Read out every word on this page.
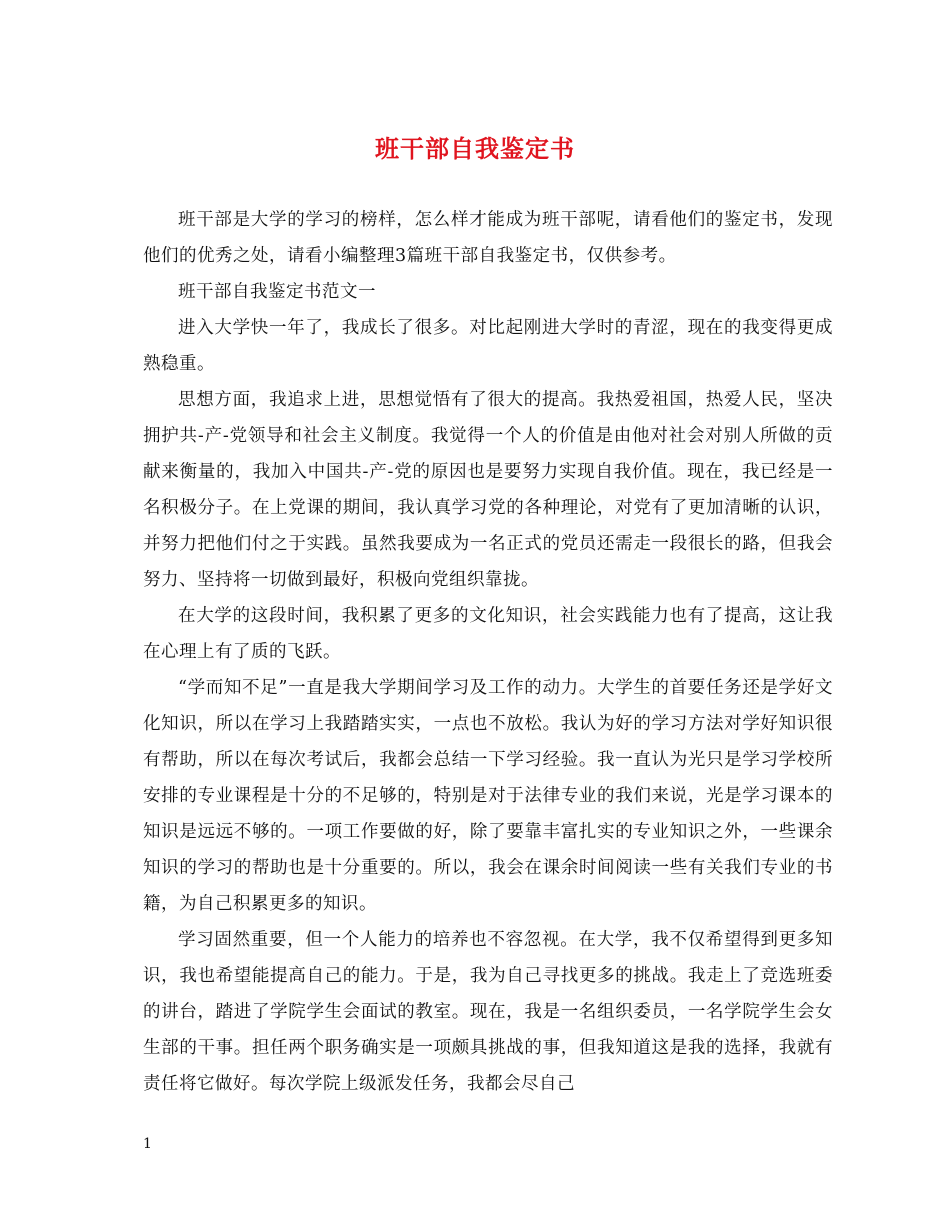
班干部自我鉴定书

班干部是大学的学习的榜样，怎么样才能成为班干部呢，请看他们的鉴定书，发现他们的优秀之处，请看小编整理3篇班干部自我鉴定书，仅供参考。

班干部自我鉴定书范文一

进入大学快一年了，我成长了很多。对比起刚进大学时的青涩，现在的我变得更成熟稳重。

思想方面，我追求上进，思想觉悟有了很大的提高。我热爱祖国，热爱人民，坚决拥护共-产-党领导和社会主义制度。我觉得一个人的价值是由他对社会对别人所做的贡献来衡量的，我加入中国共-产-党的原因也是要努力实现自我价值。现在，我已经是一名积极分子。在上党课的期间，我认真学习党的各种理论，对党有了更加清晰的认识，并努力把他们付之于实践。虽然我要成为一名正式的党员还需走一段很长的路，但我会努力、坚持将一切做到最好，积极向党组织靠拢。

在大学的这段时间，我积累了更多的文化知识，社会实践能力也有了提高，这让我在心理上有了质的飞跃。

“学而知不足”一直是我大学期间学习及工作的动力。大学生的首要任务还是学好文化知识，所以在学习上我踏踏实实，一点也不放松。我认为好的学习方法对学好知识很有帮助，所以在每次考试后，我都会总结一下学习经验。我一直认为光只是学习学校所安排的专业课程是十分的不足够的，特别是对于法律专业的我们来说，光是学习课本的知识是远远不够的。一项工作要做的好，除了要靠丰富扎实的专业知识之外，一些课余知识的学习的帮助也是十分重要的。所以，我会在课余时间阅读一些有关我们专业的书籍，为自己积累更多的知识。

学习固然重要，但一个人能力的培养也不容忽视。在大学，我不仅希望得到更多知识，我也希望能提高自己的能力。于是，我为自己寻找更多的挑战。我走上了竞选班委的讲台，踏进了学院学生会面试的教室。现在，我是一名组织委员，一名学院学生会女生部的干事。担任两个职务确实是一项颇具挑战的事，但我知道这是我的选择，我就有责任将它做好。每次学院上级派发任务，我都会尽自己

1
